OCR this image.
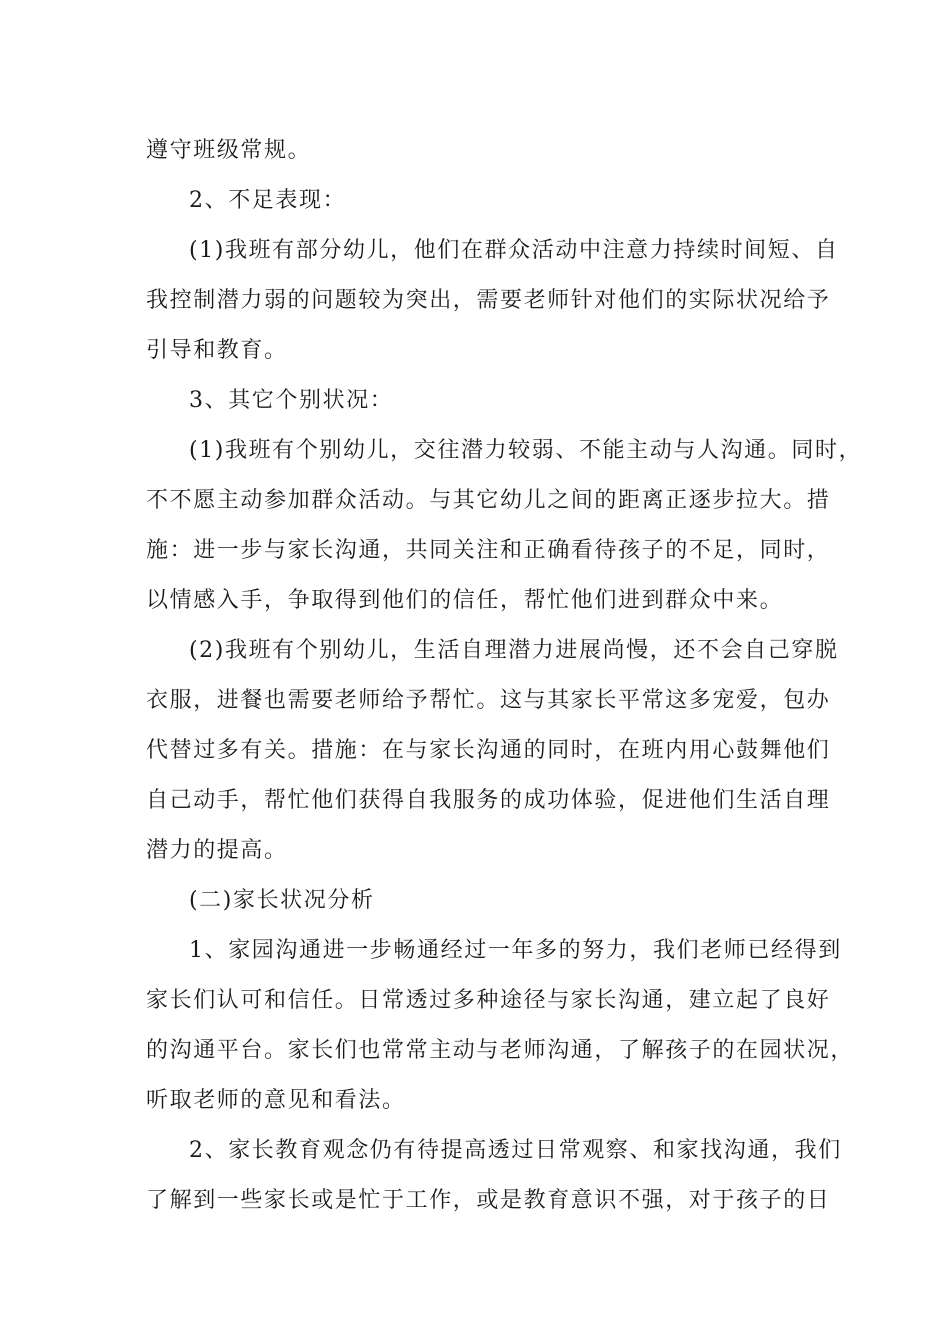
遵守班级常规。
2、不足表现：
(1)我班有部分幼儿，他们在群众活动中注意力持续时间短、自
我控制潜力弱的问题较为突出，需要老师针对他们的实际状况给予
引导和教育。
3、其它个别状况：
(1)我班有个别幼儿，交往潜力较弱、不能主动与人沟通。同时，
不不愿主动参加群众活动。与其它幼儿之间的距离正逐步拉大。措
施：进一步与家长沟通，共同关注和正确看待孩子的不足，同时，
以情感入手，争取得到他们的信任，帮忙他们进到群众中来。
(2)我班有个别幼儿，生活自理潜力进展尚慢，还不会自己穿脱
衣服，进餐也需要老师给予帮忙。这与其家长平常这多宠爱，包办
代替过多有关。措施：在与家长沟通的同时，在班内用心鼓舞他们
自己动手，帮忙他们获得自我服务的成功体验，促进他们生活自理
潜力的提高。
(二)家长状况分析
1、家园沟通进一步畅通经过一年多的努力，我们老师已经得到
家长们认可和信任。日常透过多种途径与家长沟通，建立起了良好
的沟通平台。家长们也常常主动与老师沟通，了解孩子的在园状况，
听取老师的意见和看法。
2、家长教育观念仍有待提高透过日常观察、和家找沟通，我们
了解到一些家长或是忙于工作，或是教育意识不强，对于孩子的日
